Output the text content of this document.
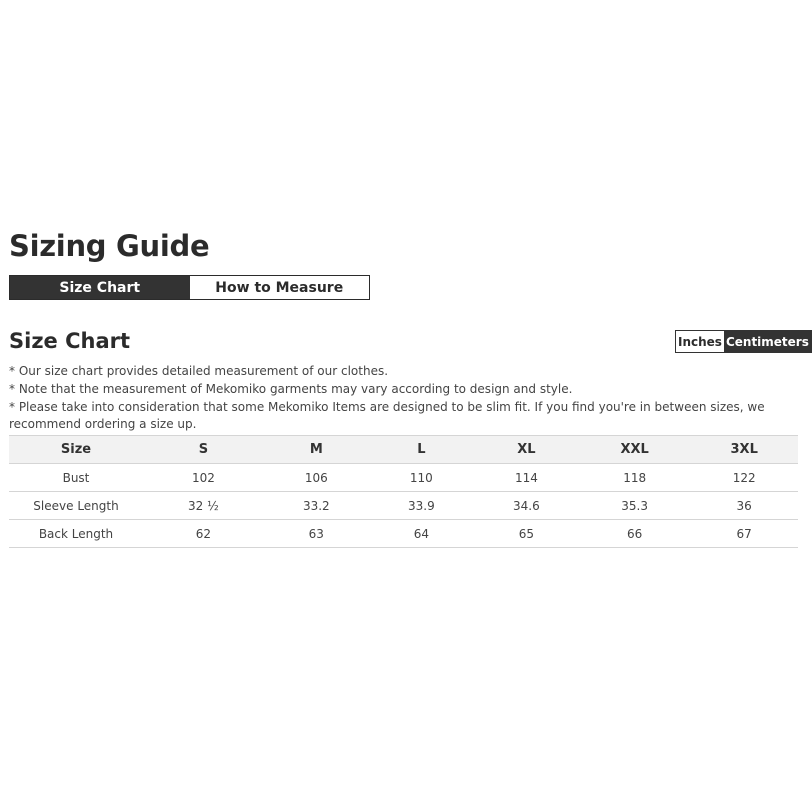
Sizing Guide
Size Chart	How to Measure
Size Chart	Inches Centimeters

* Our size chart provides detailed measurement of our clothes.

* Note that the measurement of Mekomiko garments may vary according to design and style.

* Please take into consideration that some Mekomiko Items are designed to be slim fit. If you find you're in between sizes, we recommend ordering a size up.

Size	S	M	L	XL	XXL	3XL
Bust	102	106	110	114	118	122
Sleeve Length	32 ½	33.2	33.9	34.6	35.3	36
Back Length	62	63	64	65	66	67
